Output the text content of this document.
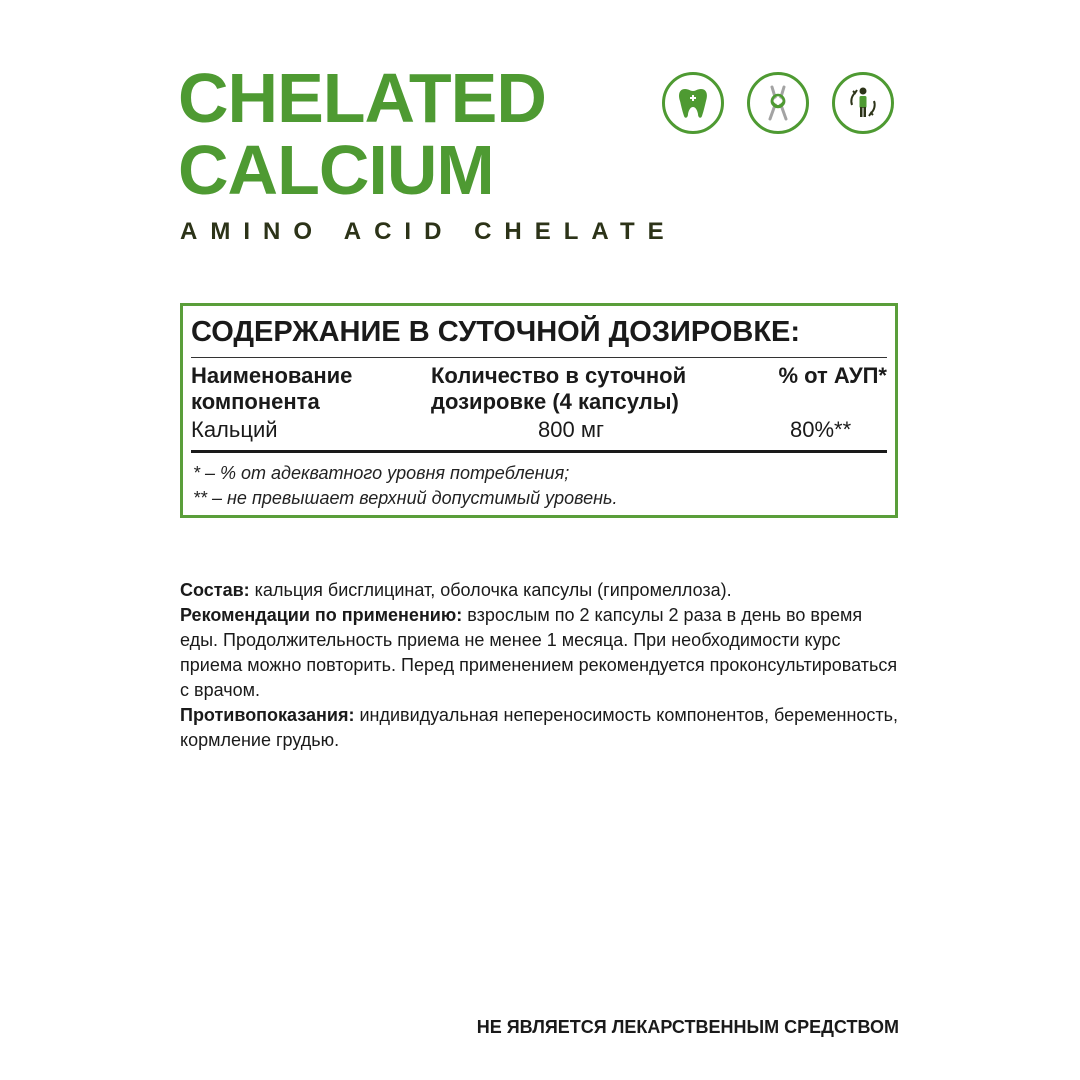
CHELATED
CALCIUM
AMINO ACID CHELATE
СОДЕРЖАНИЕ В СУТОЧНОЙ ДОЗИРОВКЕ:
Наименование компонента
Количество в суточной дозировке (4 капсулы)
% от АУП*
Кальций	800 мг	80%**
* – % от адекватного уровня потребления;
** – не превышает верхний допустимый уровень.

Состав: кальция бисглицинат, оболочка капсулы (гипромеллоза).

Рекомендации по применению: взрослым по 2 капсулы 2 раза в день во время еды. Продолжительность приема не менее 1 месяца. При необходимости курс приема можно повторить. Перед применением рекомендуется проконсультироваться с врачом.

Противопоказания: индивидуальная непереносимость компонентов, беременность, кормление грудью.

НЕ ЯВЛЯЕТСЯ ЛЕКАРСТВЕННЫМ СРЕДСТВОМ
